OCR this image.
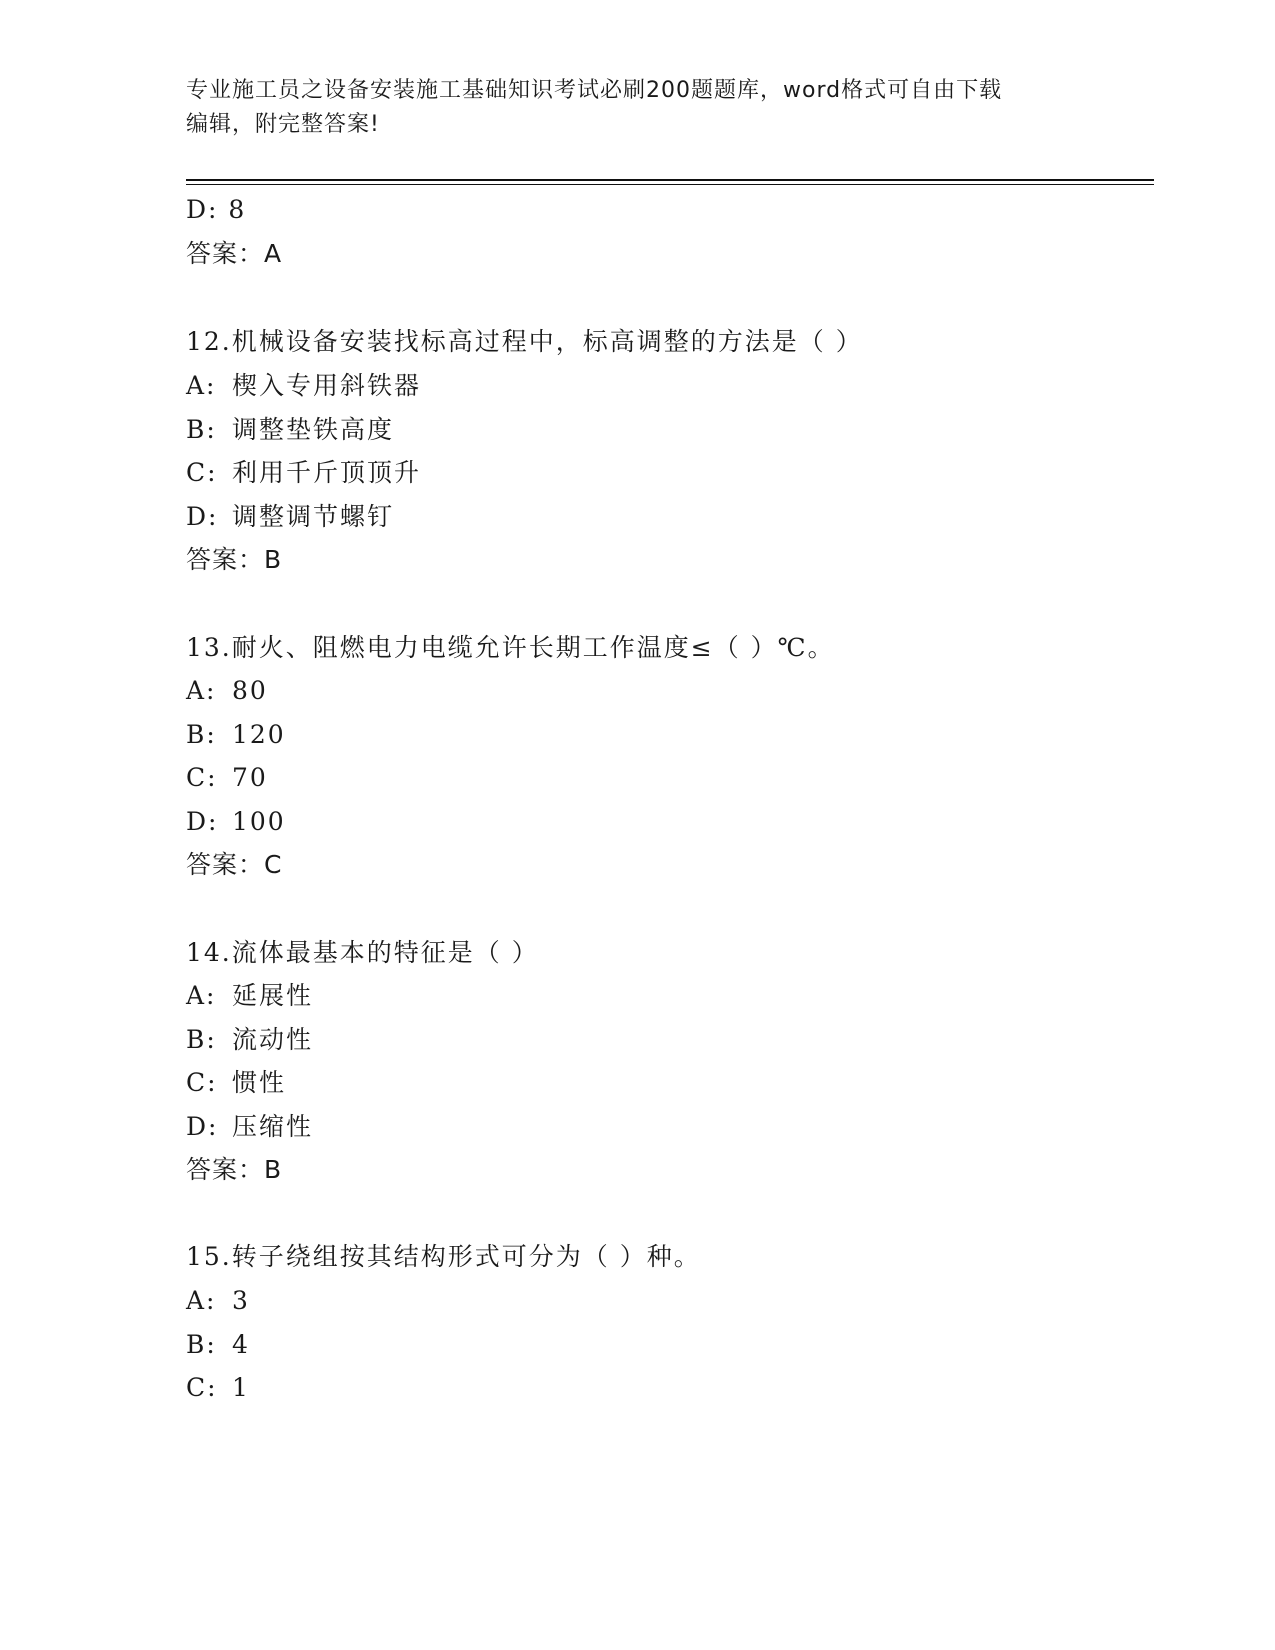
专业施工员之设备安装施工基础知识考试必刷200题题库，word格式可自由下载
编辑，附完整答案!
D: 8
答案：A
12.机械设备安装找标高过程中，标高调整的方法是（ ）
A: 楔入专用斜铁器
B: 调整垫铁高度
C: 利用千斤顶顶升
D: 调整调节螺钉
答案：B
13.耐火、阻燃电力电缆允许长期工作温度≤（ ）℃。
A: 80
B: 120
C: 70
D: 100
答案：C
14.流体最基本的特征是（ ）
A: 延展性
B: 流动性
C: 惯性
D: 压缩性
答案：B
15.转子绕组按其结构形式可分为（ ）种。
A: 3
B: 4
C: 1
